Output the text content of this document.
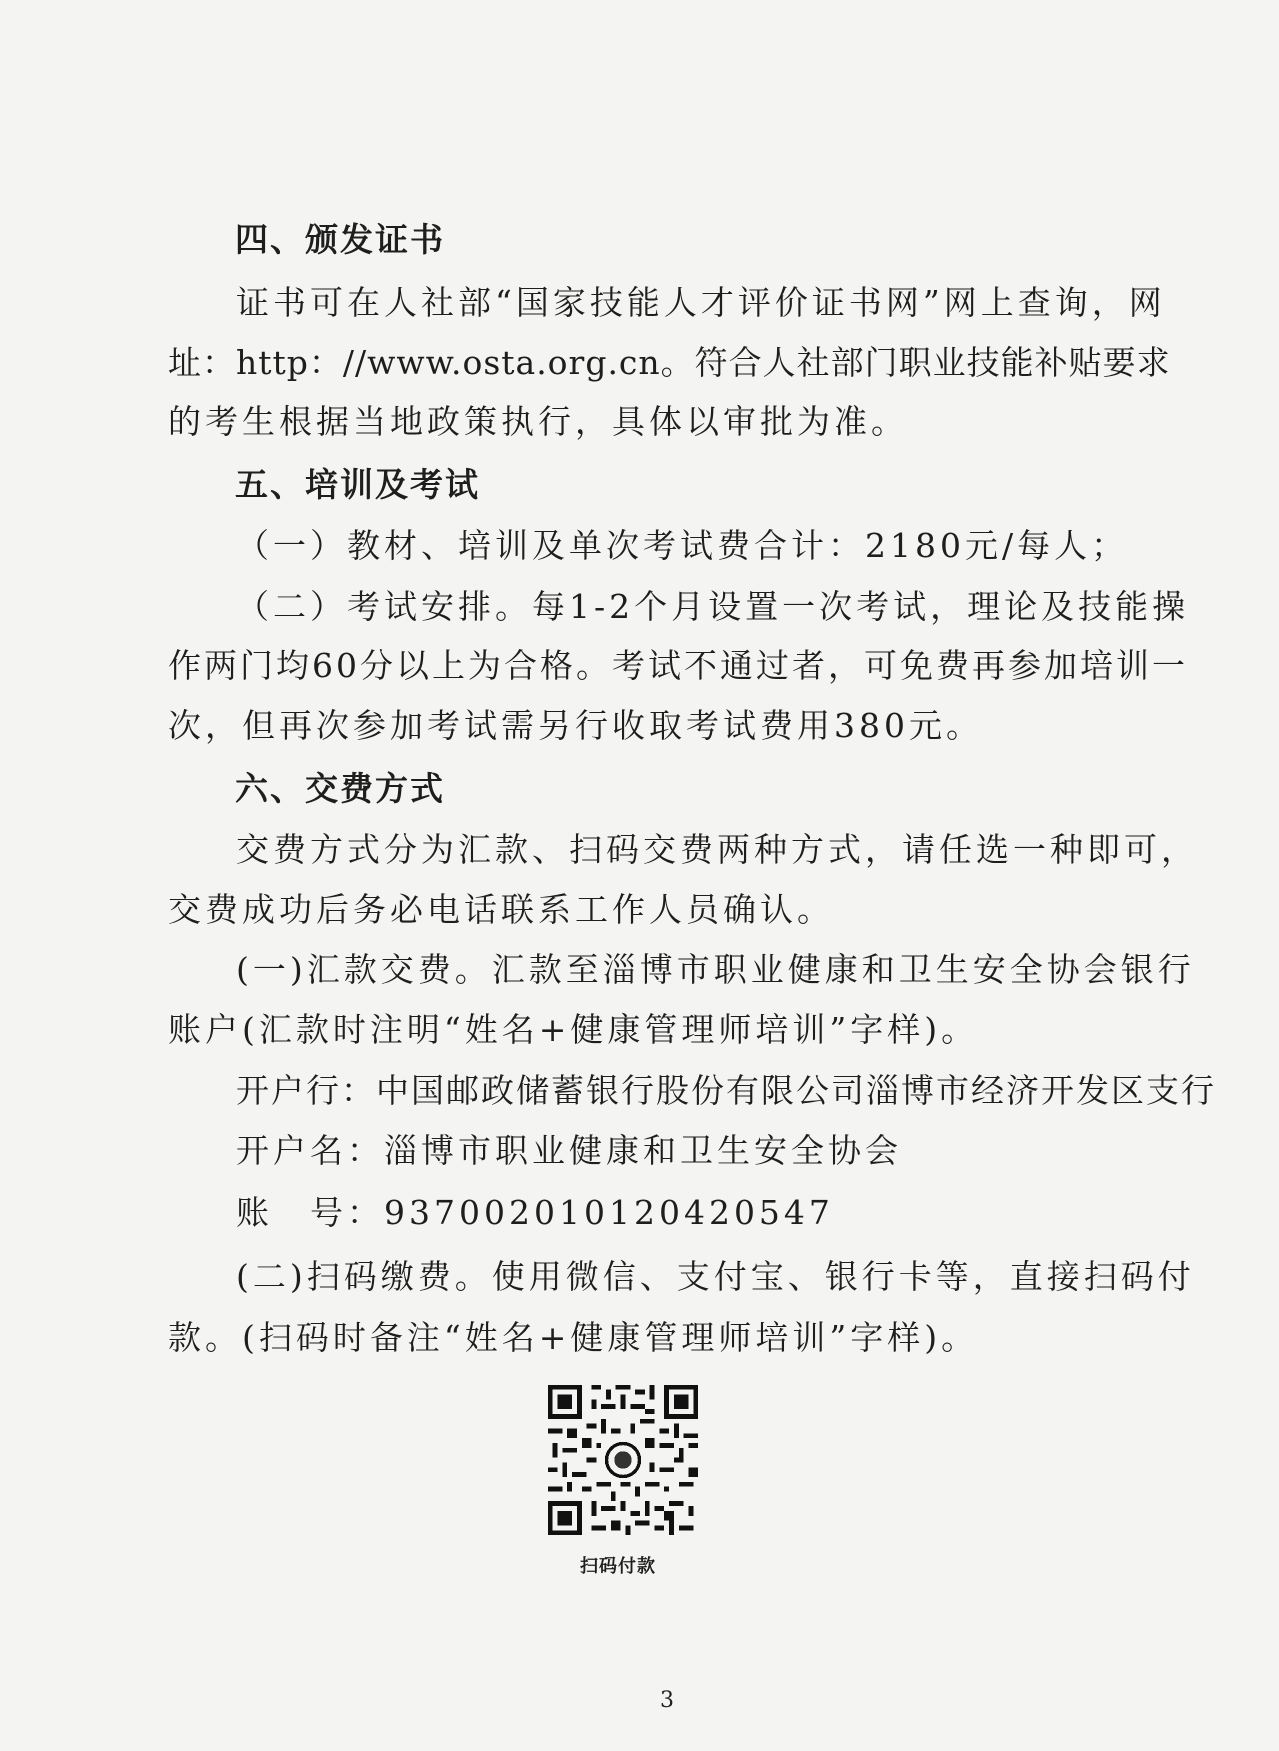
四、颁发证书
证书可在人社部“国家技能人才评价证书网”网上查询，网
址：http：//www.osta.org.cn。符合人社部门职业技能补贴要求
的考生根据当地政策执行，具体以审批为准。
五、培训及考试
（一）教材、培训及单次考试费合计：2180元/每人；
（二）考试安排。每1-2个月设置一次考试，理论及技能操
作两门均60分以上为合格。考试不通过者，可免费再参加培训一
次，但再次参加考试需另行收取考试费用380元。
六、交费方式
交费方式分为汇款、扫码交费两种方式，请任选一种即可，
交费成功后务必电话联系工作人员确认。
(一)汇款交费。汇款至淄博市职业健康和卫生安全协会银行
账户(汇款时注明“姓名+健康管理师培训”字样)。
开户行：中国邮政储蓄银行股份有限公司淄博市经济开发区支行
开户名：淄博市职业健康和卫生安全协会
账　号：937002010120420547
(二)扫码缴费。使用微信、支付宝、银行卡等，直接扫码付
款。(扫码时备注“姓名+健康管理师培训”字样)。
扫码付款
3
